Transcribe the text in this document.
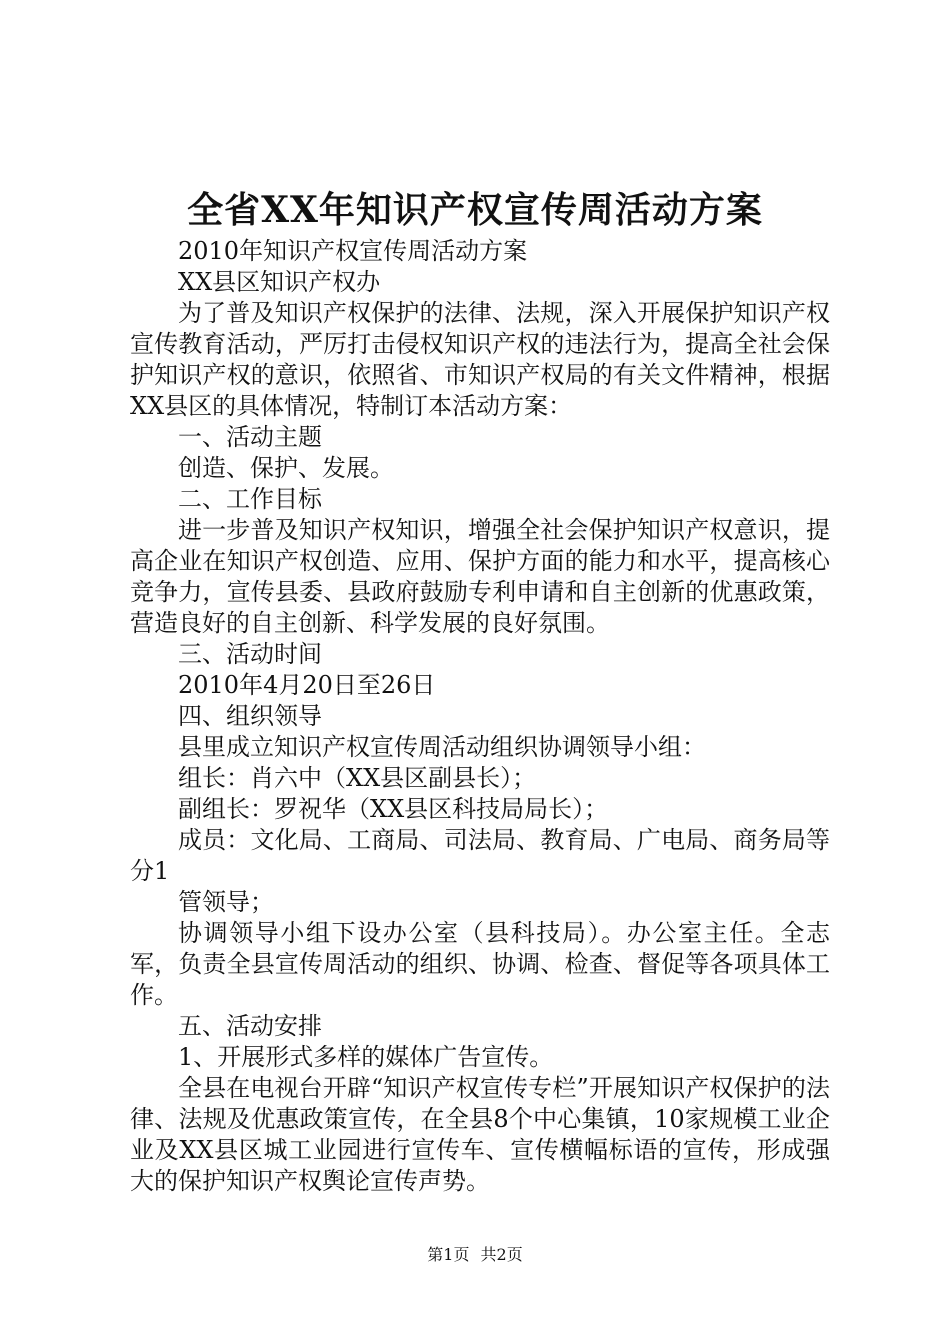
全省XX年知识产权宣传周活动方案

2010年知识产权宣传周活动方案

XX县区知识产权办

为了普及知识产权保护的法律、法规，深入开展保护知识产权宣传教育活动，严厉打击侵权知识产权的违法行为，提高全社会保护知识产权的意识，依照省、市知识产权局的有关文件精神，根据XX县区的具体情况，特制订本活动方案：

一、活动主题

创造、保护、发展。

二、工作目标

进一步普及知识产权知识，增强全社会保护知识产权意识，提高企业在知识产权创造、应用、保护方面的能力和水平，提高核心竞争力，宣传县委、县政府鼓励专利申请和自主创新的优惠政策，营造良好的自主创新、科学发展的良好氛围。

三、活动时间

2010年4月20日至26日

四、组织领导

县里成立知识产权宣传周活动组织协调领导小组：

组长：肖六中（XX县区副县长）；

副组长：罗祝华（XX县区科技局局长）；

成员：文化局、工商局、司法局、教育局、广电局、商务局等分1

管领导；

协调领导小组下设办公室（县科技局）。办公室主任。全志军，负责全县宣传周活动的组织、协调、检查、督促等各项具体工作。

五、活动安排

1、开展形式多样的媒体广告宣传。

全县在电视台开辟“知识产权宣传专栏”开展知识产权保护的法律、法规及优惠政策宣传，在全县8个中心集镇，10家规模工业企业及XX县区城工业园进行宣传车、宣传横幅标语的宣传，形成强大的保护知识产权舆论宣传声势。

第1页 共2页
